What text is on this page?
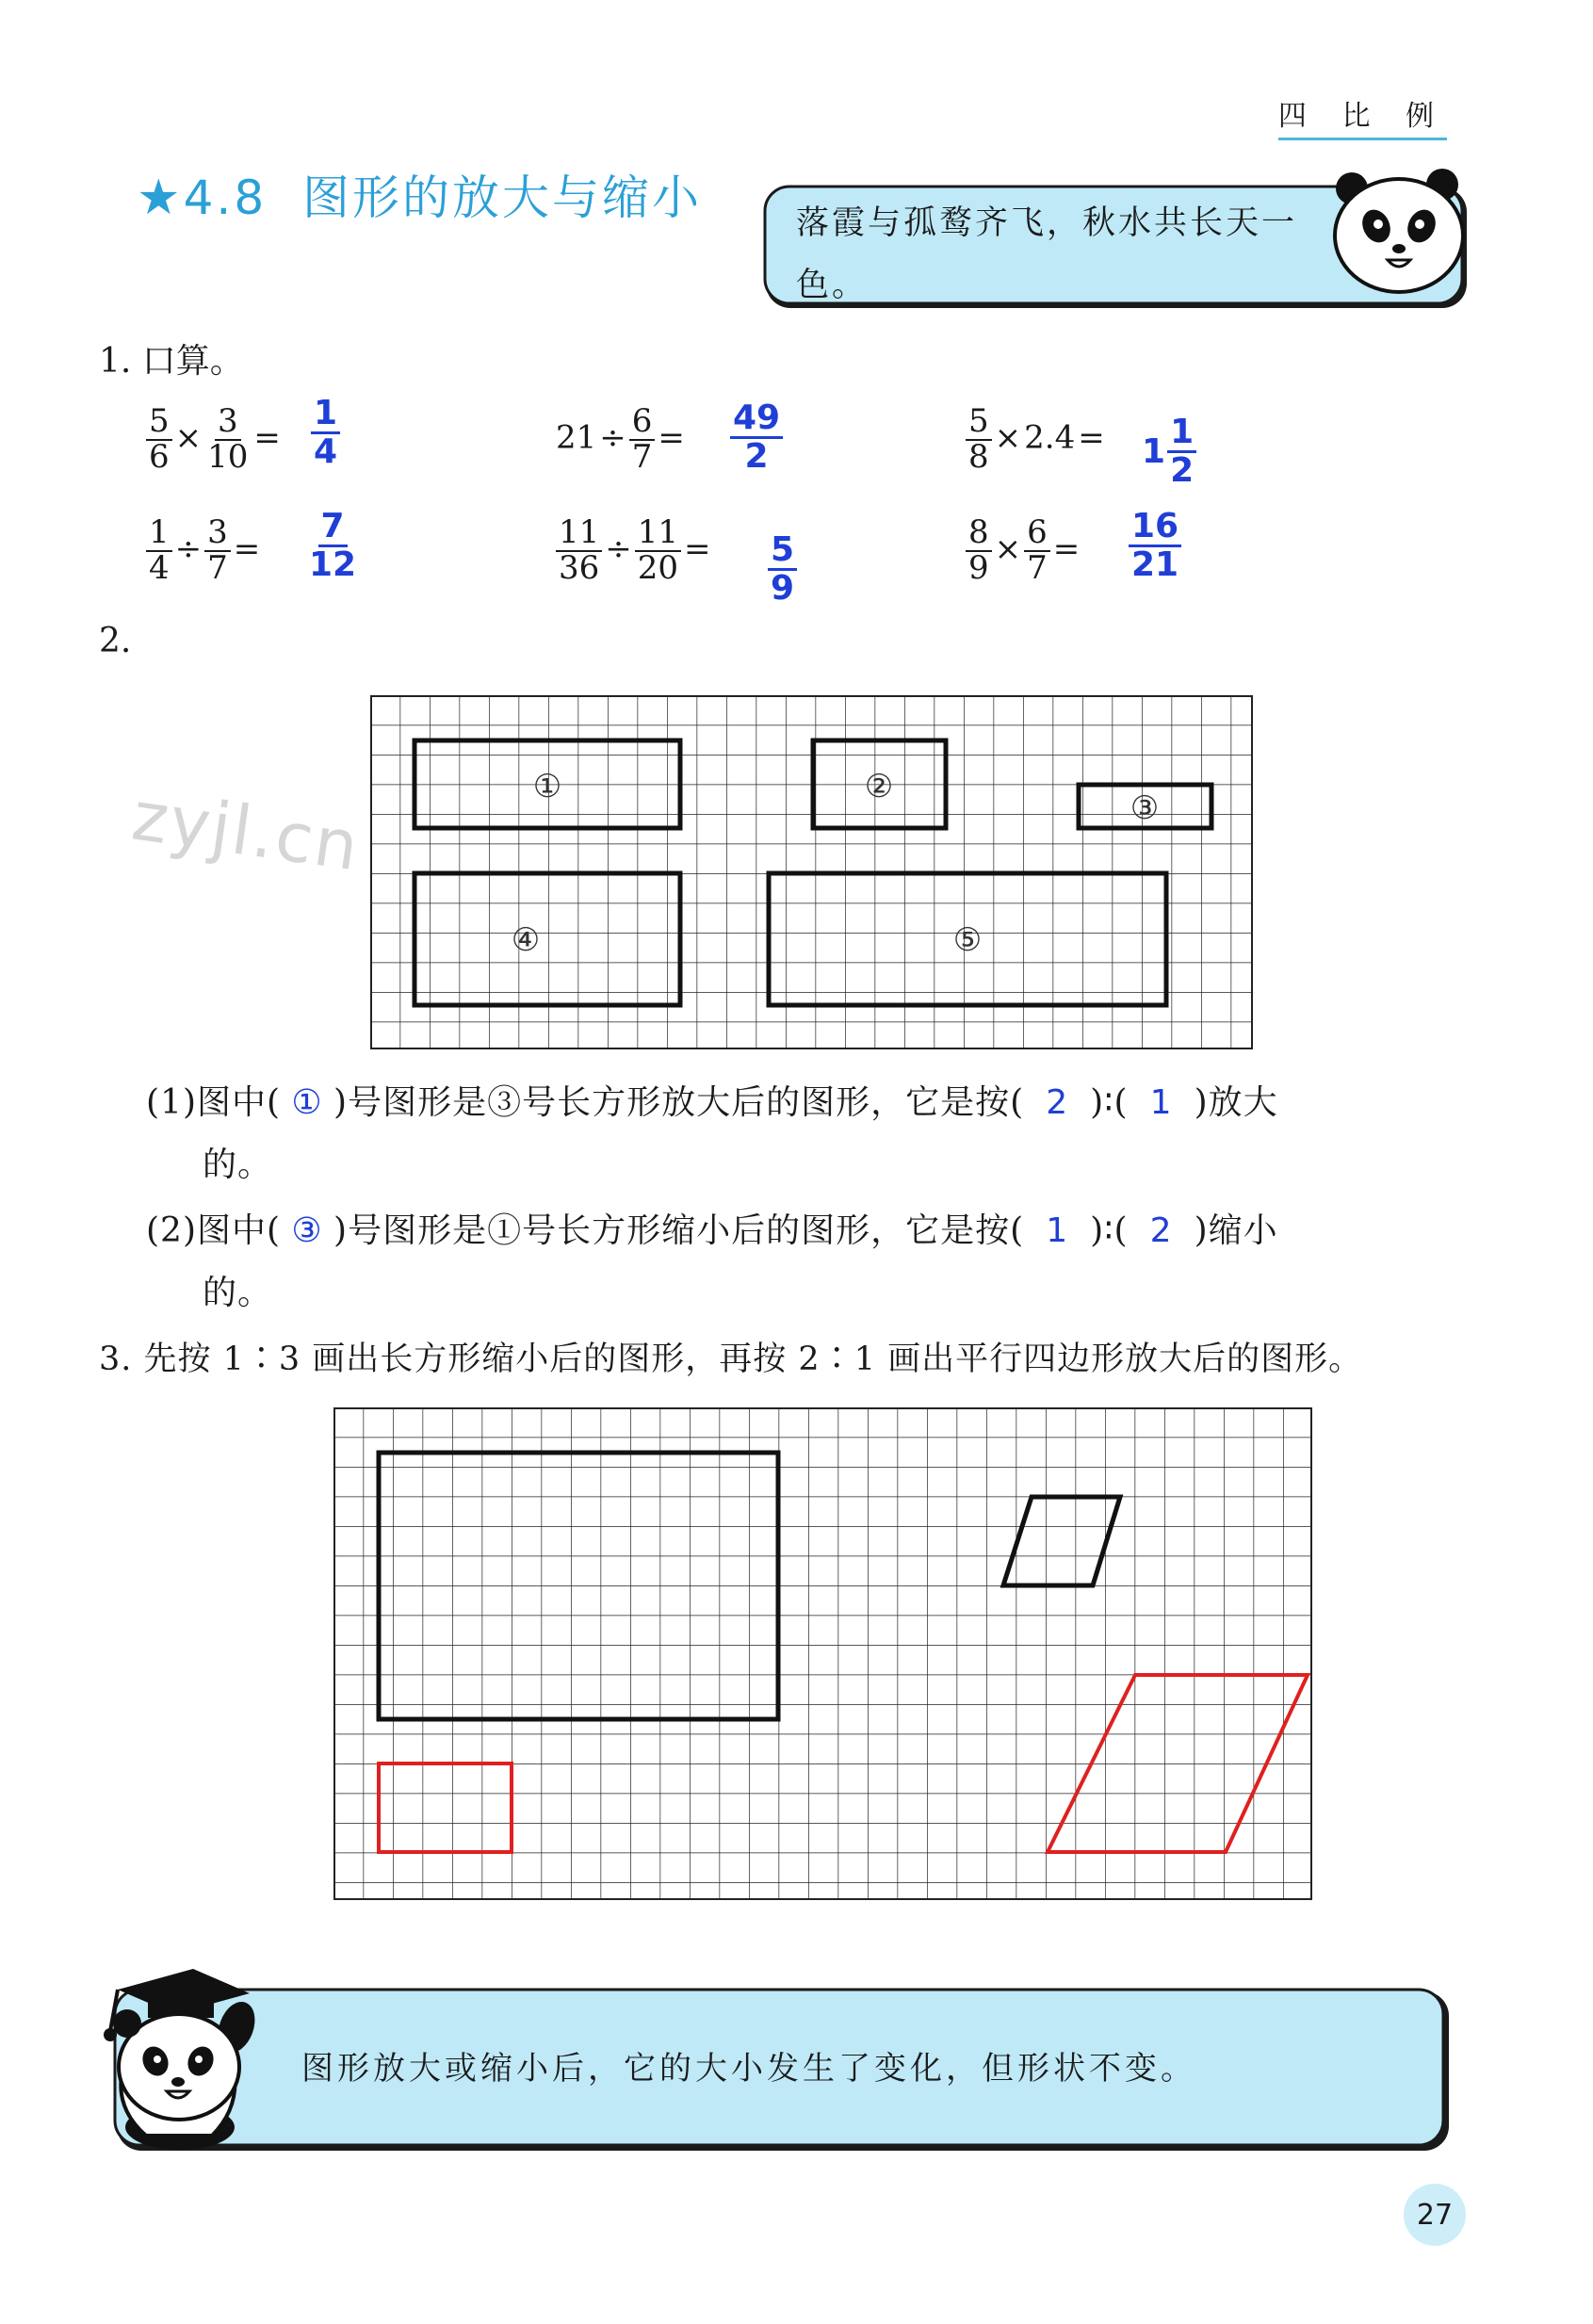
四 比 例
★4.8 图形的放大与缩小	落霞与孤鹜齐飞，秋水共长天一色。
1. 口算。
$\frac{5}{6} \times \frac{3}{10} = \frac{1}{4}$	$21\div \frac{6}{7} = \frac{49}{2}$	$\frac{5}{8} \times 2.4= 1 \frac{1}{2}$
$\frac{1}{4} \div \frac{3}{7} = \frac{7}{12}$	$\frac{11}{36} \div \frac{11}{20} = \frac{5}{9}$	$\frac{8}{9} \times \frac{6}{7} = \frac{16}{21}$
2.
zyjl.cn	①	②
③
④	⑤
(1)图中( ① )号图形是③号长方形放大后的图形，它是按( 2 )∶( 1 )放大
的。
(2)图中( ③ )号图形是①号长方形缩小后的图形，它是按( 1 )∶( 2 )缩小
的。
3. 先按 1∶3 画出长方形缩小后的图形，再按 2∶1 画出平行四边形放大后的图形。
图形放大或缩小后，它的大小发生了变化，但形状不变。
27
